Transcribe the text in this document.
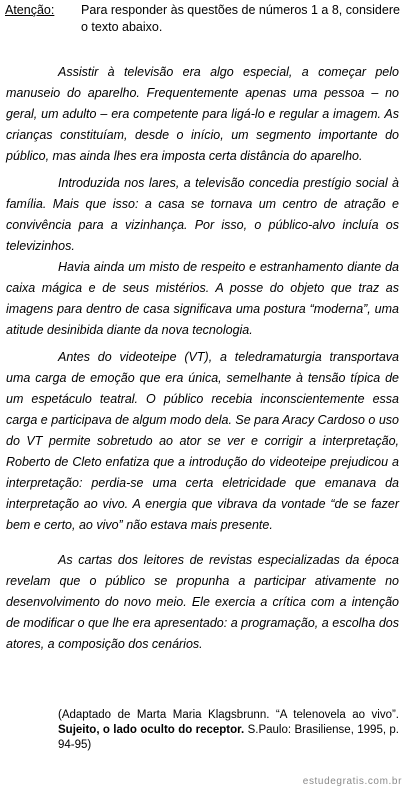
Atenção: Para responder às questões de números 1 a 8, considere o texto abaixo.

Assistir à televisão era algo especial, a começar pelo manuseio do aparelho. Frequentemente apenas uma pessoa – no geral, um adulto – era competente para ligá-lo e regular a imagem. As crianças constituíam, desde o início, um segmento importante do público, mas ainda lhes era imposta certa distância do aparelho.

Introduzida nos lares, a televisão concedia prestígio social à família. Mais que isso: a casa se tornava um centro de atração e convivência para a vizinhança. Por isso, o público-alvo incluía os televizinhos.

Havia ainda um misto de respeito e estranhamento diante da caixa mágica e de seus mistérios. A posse do objeto que traz as imagens para dentro de casa significava uma postura “moderna”, uma atitude desinibida diante da nova tecnologia.

Antes do videoteipe (VT), a teledramaturgia transportava uma carga de emoção que era única, semelhante à tensão típica de um espetáculo teatral. O público recebia inconscientemente essa carga e participava de algum modo dela. Se para Aracy Cardoso o uso do VT permite sobretudo ao ator se ver e corrigir a interpretação, Roberto de Cleto enfatiza que a introdução do videoteipe prejudicou a interpretação: perdia-se uma certa eletricidade que emanava da interpretação ao vivo. A energia que vibrava da vontade “de se fazer bem e certo, ao vivo” não estava mais presente.

As cartas dos leitores de revistas especializadas da época revelam que o público se propunha a participar ativamente no desenvolvimento do novo meio. Ele exercia a crítica com a intenção de modificar o que lhe era apresentado: a programação, a escolha dos atores, a composição dos cenários.

(Adaptado de Marta Maria Klagsbrunn. “A telenovela ao vivo”. Sujeito, o lado oculto do receptor. S.Paulo: Brasiliense, 1995, p. 94-95)
estudegratis.com.br
